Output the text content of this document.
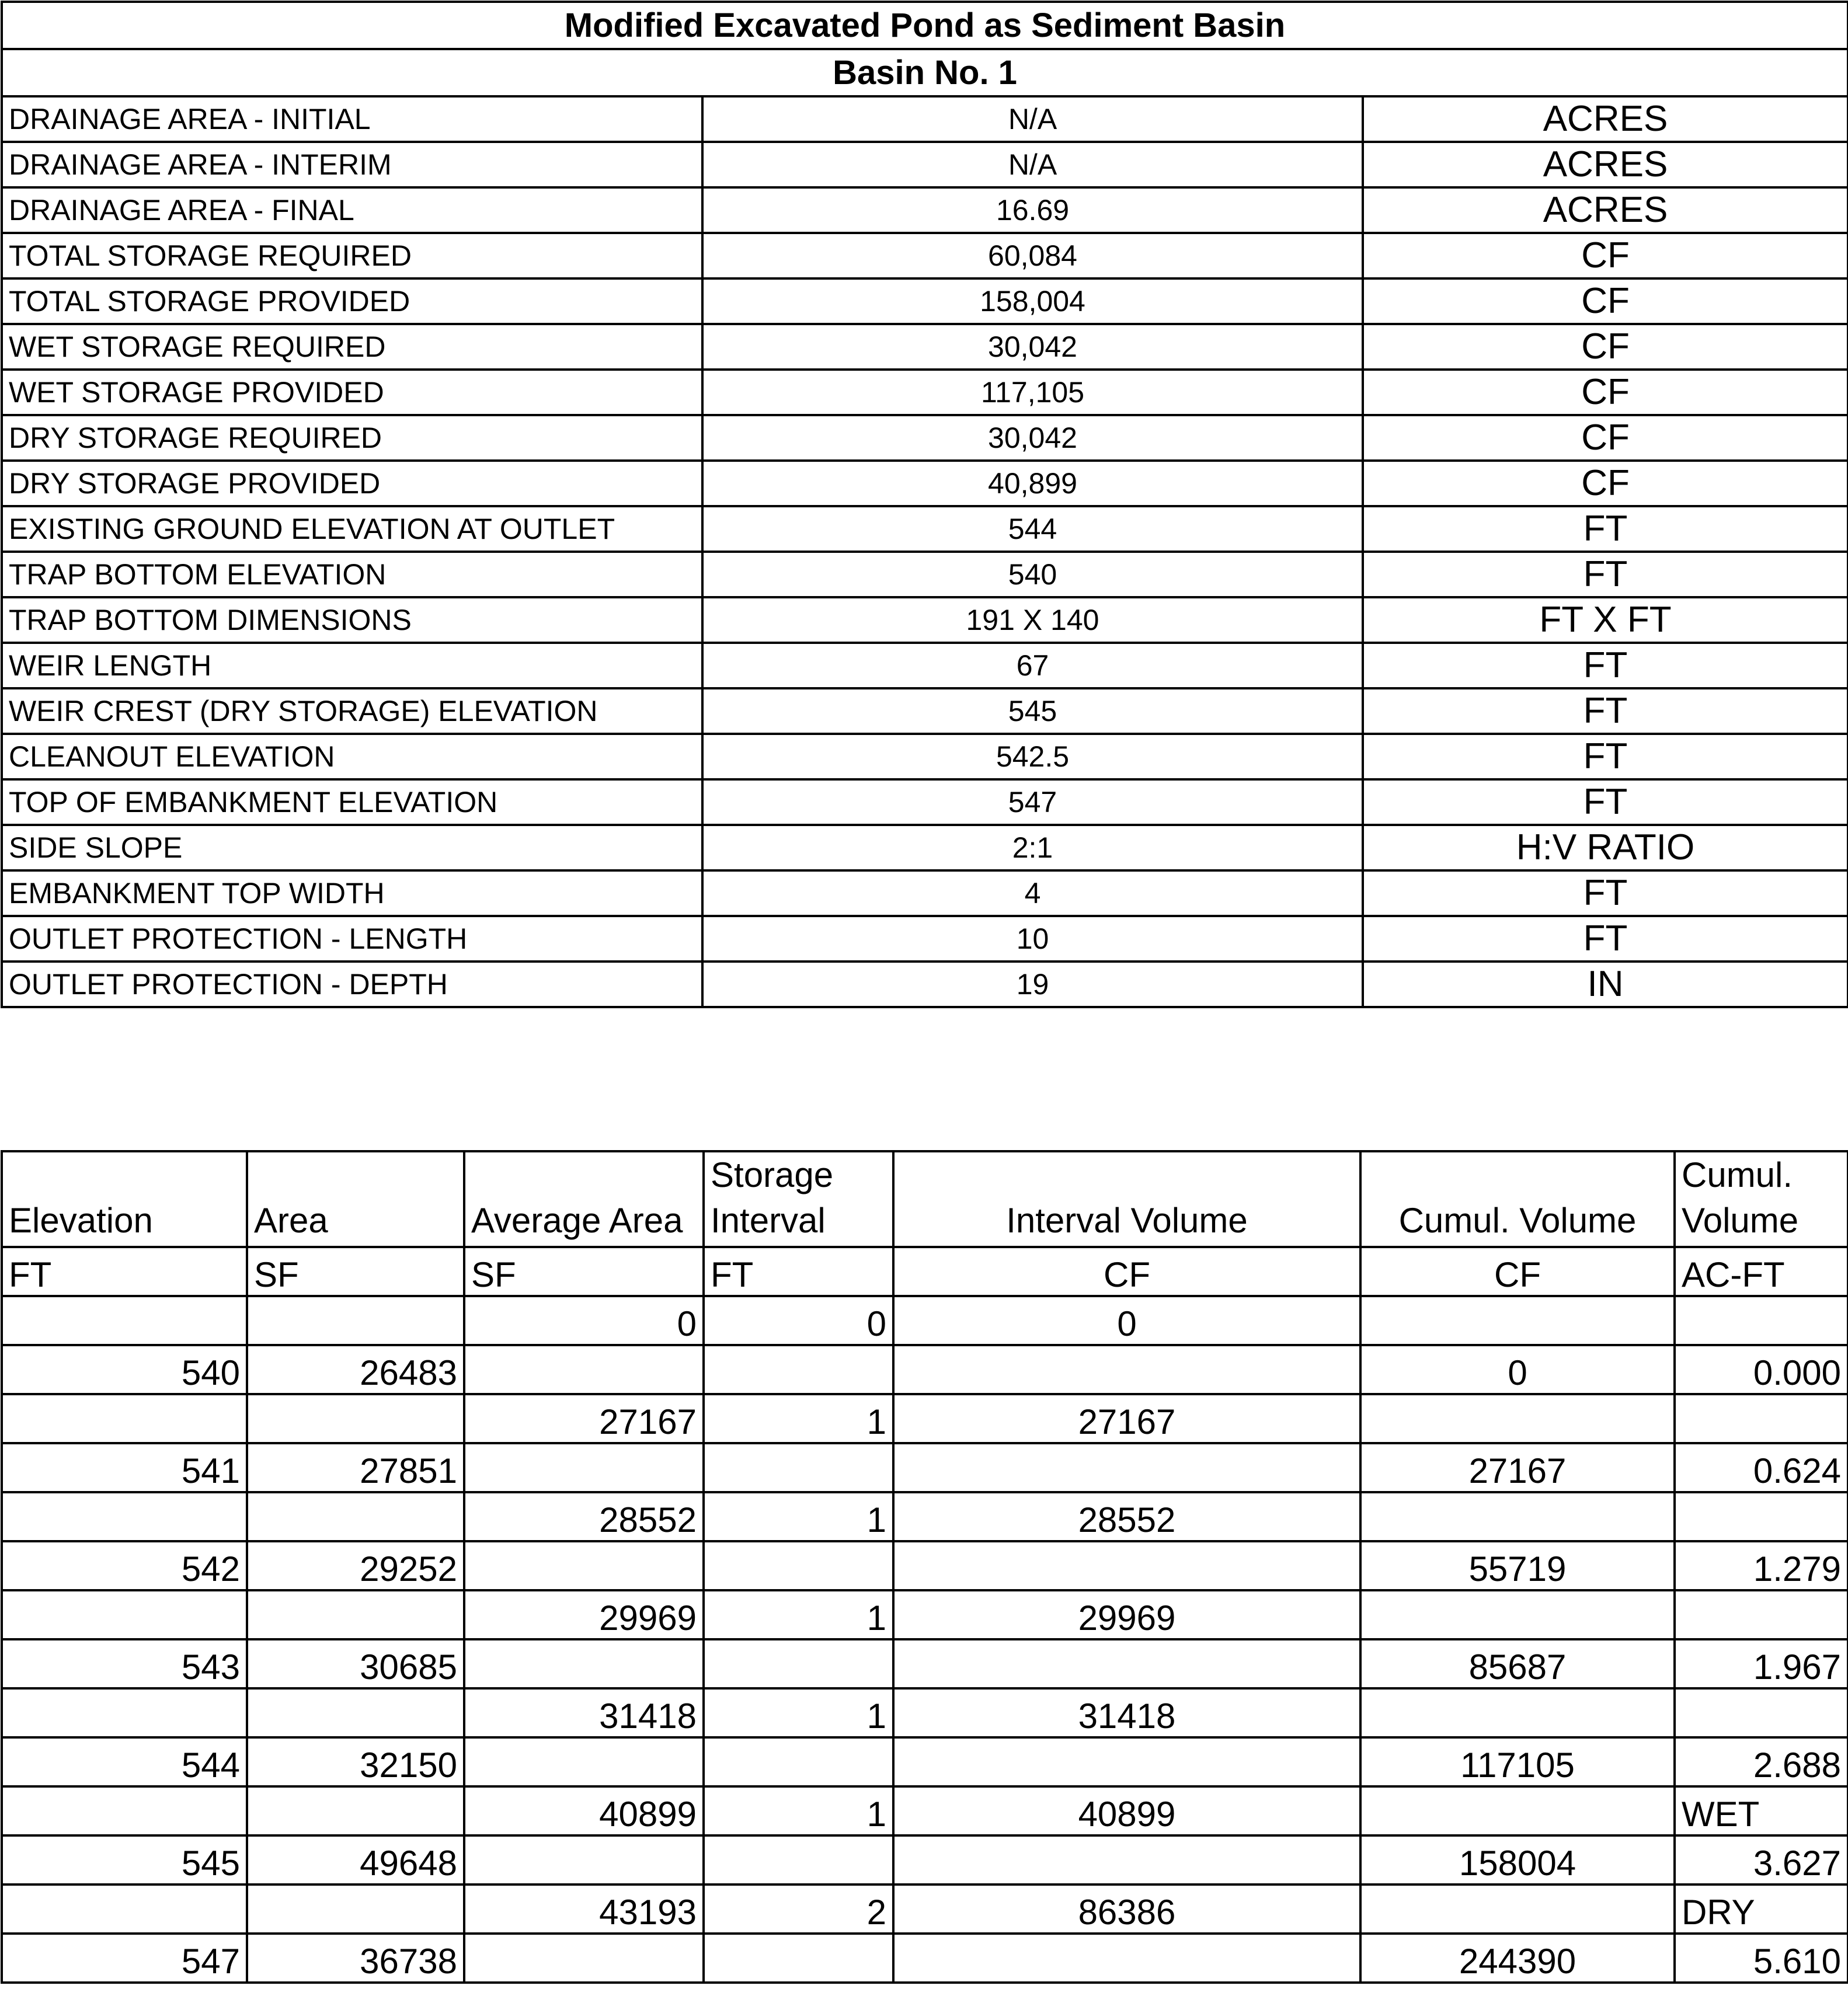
Modified Excavated Pond as Sediment Basin		
Basin No. 1		
DRAINAGE AREA - INITIAL	N/A	ACRES
DRAINAGE AREA - INTERIM	N/A	ACRES
DRAINAGE AREA - FINAL	16.69	ACRES
TOTAL STORAGE REQUIRED	60,084	CF
TOTAL STORAGE PROVIDED	158,004	CF
WET STORAGE REQUIRED	30,042	CF
WET STORAGE PROVIDED	117,105	CF
DRY STORAGE REQUIRED	30,042	CF
DRY STORAGE PROVIDED	40,899	CF
EXISTING GROUND ELEVATION AT OUTLET	544	FT
TRAP BOTTOM ELEVATION	540	FT
TRAP BOTTOM DIMENSIONS	191 X 140	FT X FT
WEIR LENGTH	67	FT
WEIR CREST (DRY STORAGE) ELEVATION	545	FT
CLEANOUT ELEVATION	542.5	FT
TOP OF EMBANKMENT ELEVATION	547	FT
SIDE SLOPE	2:1	H:V RATIO
EMBANKMENT TOP WIDTH	4	FT
OUTLET PROTECTION - LENGTH	10	FT
OUTLET PROTECTION - DEPTH	19	IN
Elevation	Area	Average Area	Storage Interval	Interval Volume	Cumul. Volume	Cumul. Volume
FT	SF	SF	FT	CF	CF	AC-FT
		0	0	0		
540	26483				0	0.000
		27167	1	27167		
541	27851				27167	0.624
		28552	1	28552		
542	29252				55719	1.279
		29969	1	29969		
543	30685				85687	1.967
		31418	1	31418		
544	32150				117105	2.688
		40899	1	40899		WET
545	49648				158004	3.627
		43193	2	86386		DRY
547	36738				244390	5.610
